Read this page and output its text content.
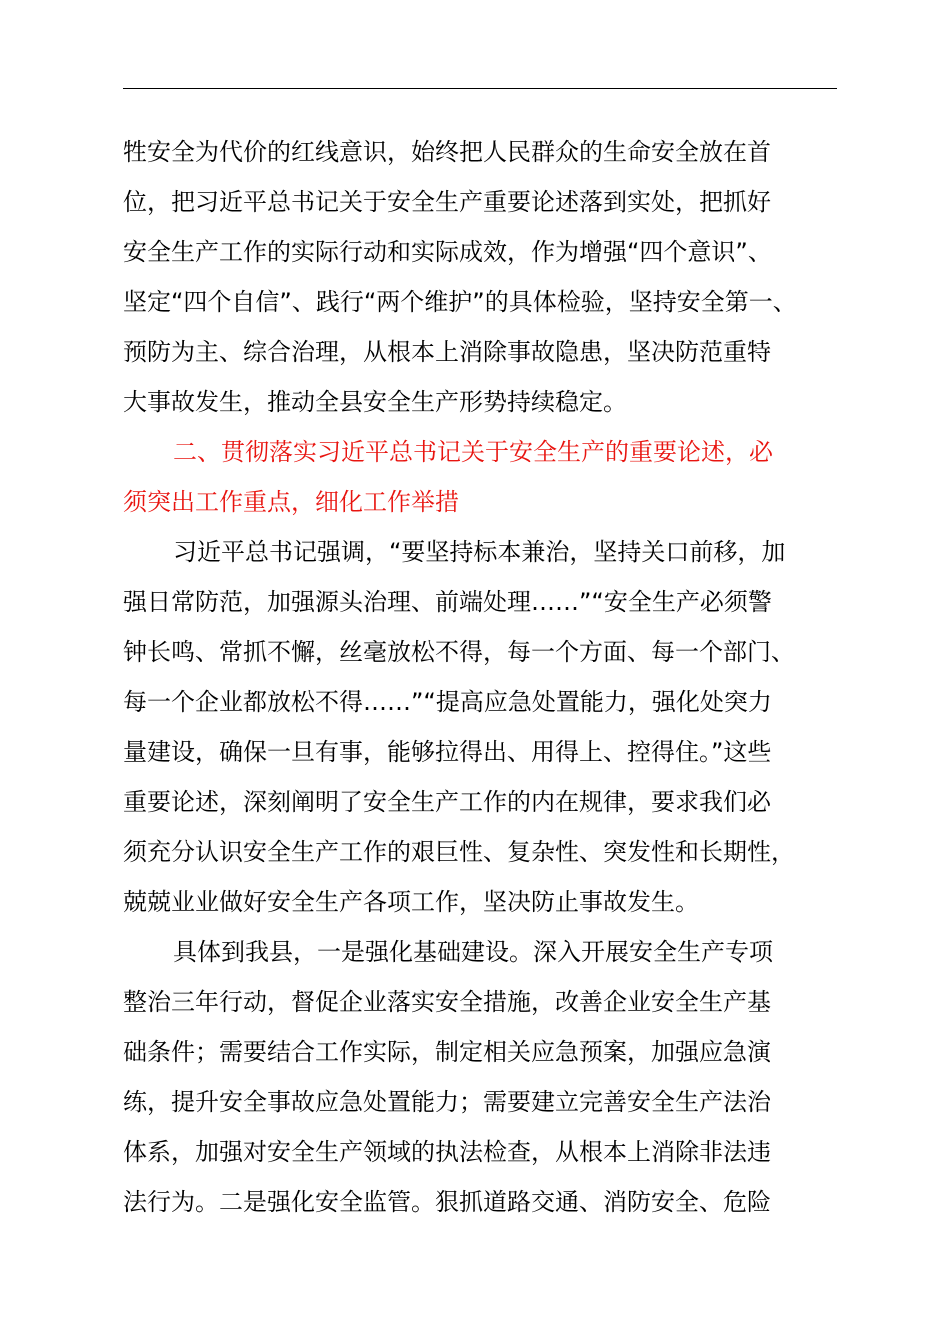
牲安全为代价的红线意识，始终把人民群众的生命安全放在首
位，把习近平总书记关于安全生产重要论述落到实处，把抓好
安全生产工作的实际行动和实际成效，作为增强“四个意识”、
坚定“四个自信”、践行“两个维护”的具体检验，坚持安全第一、
预防为主、综合治理，从根本上消除事故隐患，坚决防范重特
大事故发生，推动全县安全生产形势持续稳定。
二、贯彻落实习近平总书记关于安全生产的重要论述，必
须突出工作重点，细化工作举措
习近平总书记强调，“要坚持标本兼治，坚持关口前移，加
强日常防范，加强源头治理、前端处理……”“安全生产必须警
钟长鸣、常抓不懈，丝毫放松不得，每一个方面、每一个部门、
每一个企业都放松不得……”“提高应急处置能力，强化处突力
量建设，确保一旦有事，能够拉得出、用得上、控得住。”这些
重要论述，深刻阐明了安全生产工作的内在规律，要求我们必
须充分认识安全生产工作的艰巨性、复杂性、突发性和长期性，
兢兢业业做好安全生产各项工作，坚决防止事故发生。
具体到我县，一是强化基础建设。深入开展安全生产专项
整治三年行动，督促企业落实安全措施，改善企业安全生产基
础条件；需要结合工作实际，制定相关应急预案，加强应急演
练，提升安全事故应急处置能力；需要建立完善安全生产法治
体系，加强对安全生产领域的执法检查，从根本上消除非法违
法行为。二是强化安全监管。狠抓道路交通、消防安全、危险
